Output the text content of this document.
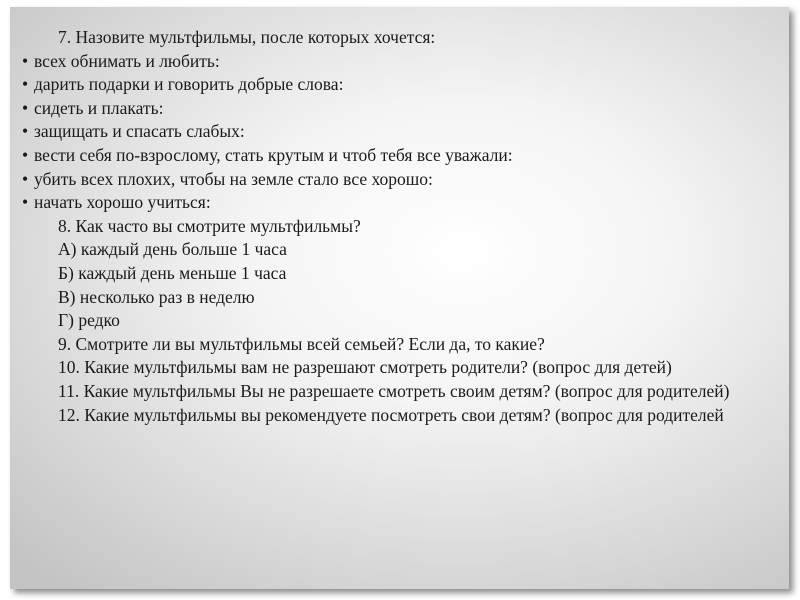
7. Назовите мультфильмы, после которых хочется:
• всех обнимать и любить:
• дарить подарки и говорить добрые слова:
• сидеть и плакать:
• защищать и спасать слабых:
• вести себя по-взрослому, стать крутым и чтоб тебя все уважали:
• убить всех плохих, чтобы на земле стало все хорошо:
• начать хорошо учиться:
8. Как часто вы смотрите мультфильмы?
А) каждый день больше 1 часа
Б) каждый день меньше 1 часа
В) несколько раз в неделю
Г) редко
9. Смотрите ли вы мультфильмы всей семьей? Если да, то какие?
10. Какие мультфильмы вам не разрешают смотреть родители? (вопрос для детей)
11. Какие мультфильмы Вы не разрешаете смотреть своим детям? (вопрос для родителей)
12. Какие мультфильмы вы рекомендуете посмотреть свои детям? (вопрос для родителей
